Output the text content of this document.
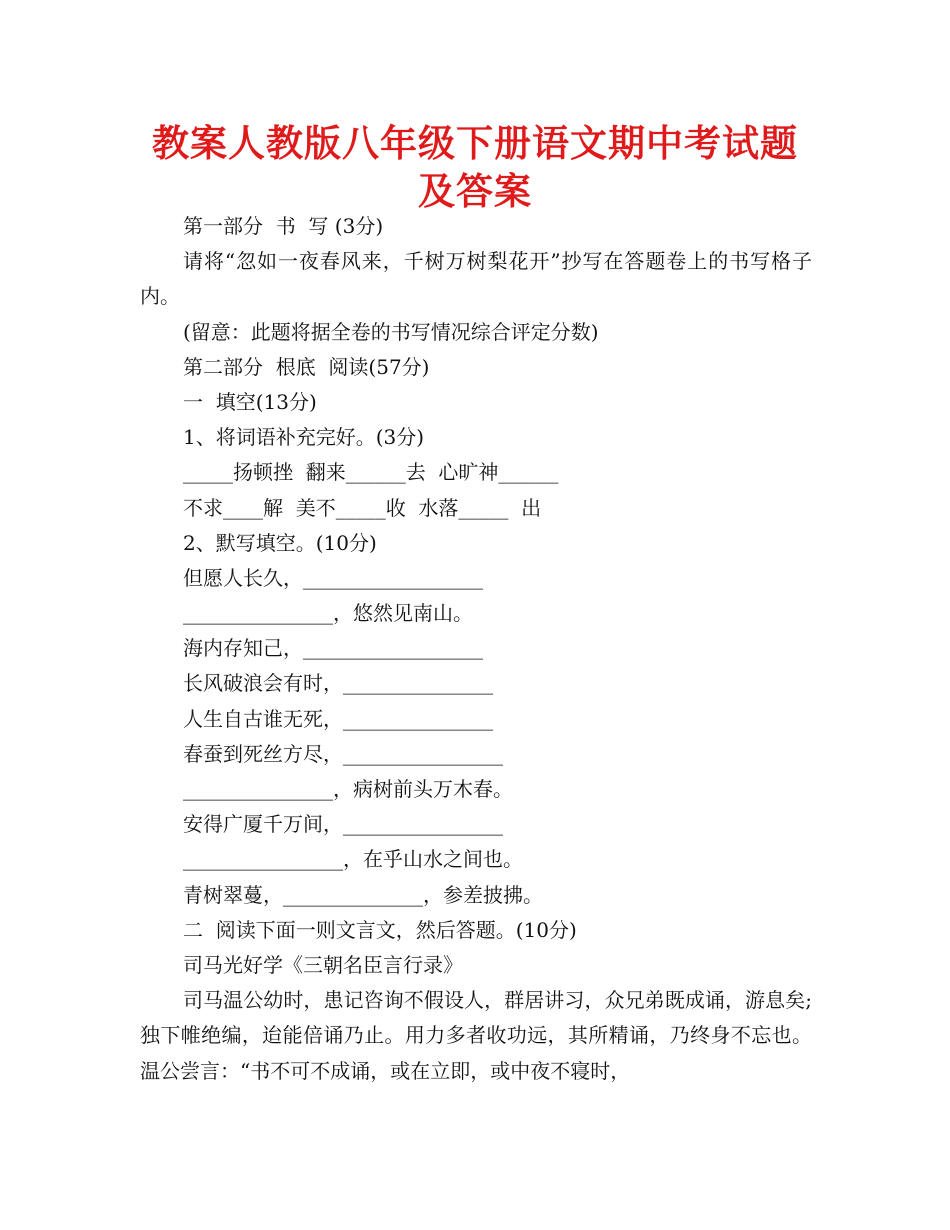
教案人教版八年级下册语文期中考试题及答案
第一部分  书  写 (3分)
请将“忽如一夜春风来，千树万树梨花开”抄写在答题卷上的书写格子内。
(留意：此题将据全卷的书写情况综合评定分数)
第二部分  根底  阅读(57分)
一  填空(13分)
1、将词语补充完好。(3分)
_____扬顿挫  翻来______去  心旷神______
不求____解  美不_____收  水落_____  出
2、默写填空。(10分)
但愿人长久，__________________
_______________，悠然见南山。
海内存知己，__________________
长风破浪会有时，_______________
人生自古谁无死，_______________
春蚕到死丝方尽，________________
_______________，病树前头万木春。
安得广厦千万间，________________
________________，在乎山水之间也。
青树翠蔓，______________，参差披拂。
二  阅读下面一则文言文，然后答题。(10分)
司马光好学《三朝名臣言行录》
司马温公幼时，患记咨询不假设人，群居讲习，众兄弟既成诵，游息矣;独下帷绝编，迨能倍诵乃止。用力多者收功远，其所精诵，乃终身不忘也。温公尝言：“书不可不成诵，或在立即，或中夜不寝时，
